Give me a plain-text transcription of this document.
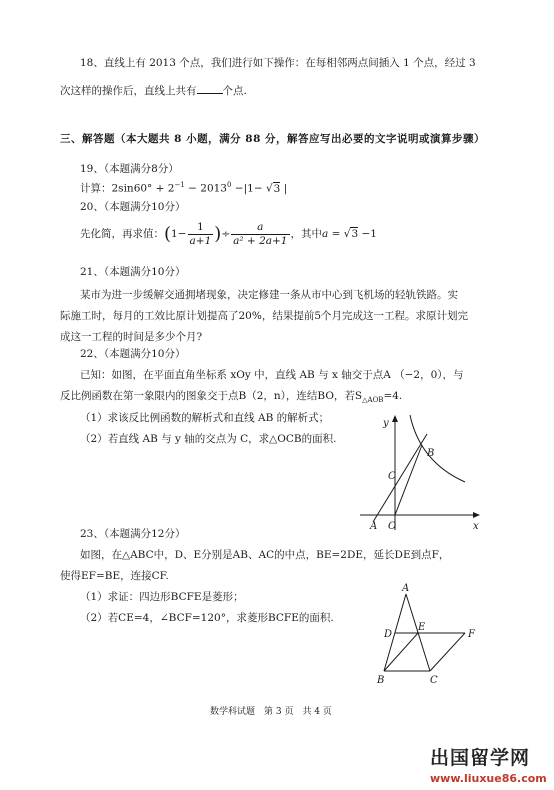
18、直线上有 2013 个点，我们进行如下操作：在每相邻两点间插入 1 个点，经过 3
次这样的操作后，直线上共有 个点.
三、解答题（本大题共 8 小题，满分 88 分，解答应写出必要的文字说明或演算步骤）
19、（本题满分8分）
计算：$2\sin 60^\circ + 2^{-1} - 2013^0 -|1- √3$ |
20、（本题满分10分）
先化简，再求值：($1- \frac{1}{a+1}$ )÷ $\frac{a}{\text{a² + 2a+1}}$ ，其中a = √3 −1
21、（本题满分10分）
某市为进一步缓解交通拥堵现象，决定修建一条从市中心到飞机场的轻轨铁路。实
际施工时，每月的工效比原计划提高了20%，结果提前5个月完成这一工程。求原计划完
成这一工程的时间是多少个月?
22、（本题满分10分）
已知：如图，在平面直角坐标系 xOy 中，直线 AB 与 x 轴交于点A （−2，0），与
反比例函数在第一象限内的图象交于点B（2，n），连结BO，若$S_{\triangle AOB}=4$.
（1）求该反比例函数的解析式和直线 AB 的解析式；
（2）若直线 AB 与 y 轴的交点为 C，求△OCB的面积.
y
x
B
C
A O
23、（本题满分12分）
如图，在△ABC中，D、E分别是AB、AC的中点，BE=2DE，延长DE到点F，
使得EF=BE，连接CF.
（1）求证：四边形BCFE是菱形；
（2）若CE=4，∠BCF=120°，求菱形BCFE的面积.
A
D
E
F
B	C
数学科试题　第 3 页　共 4 页
出国留学网
www.liuxue86.com
